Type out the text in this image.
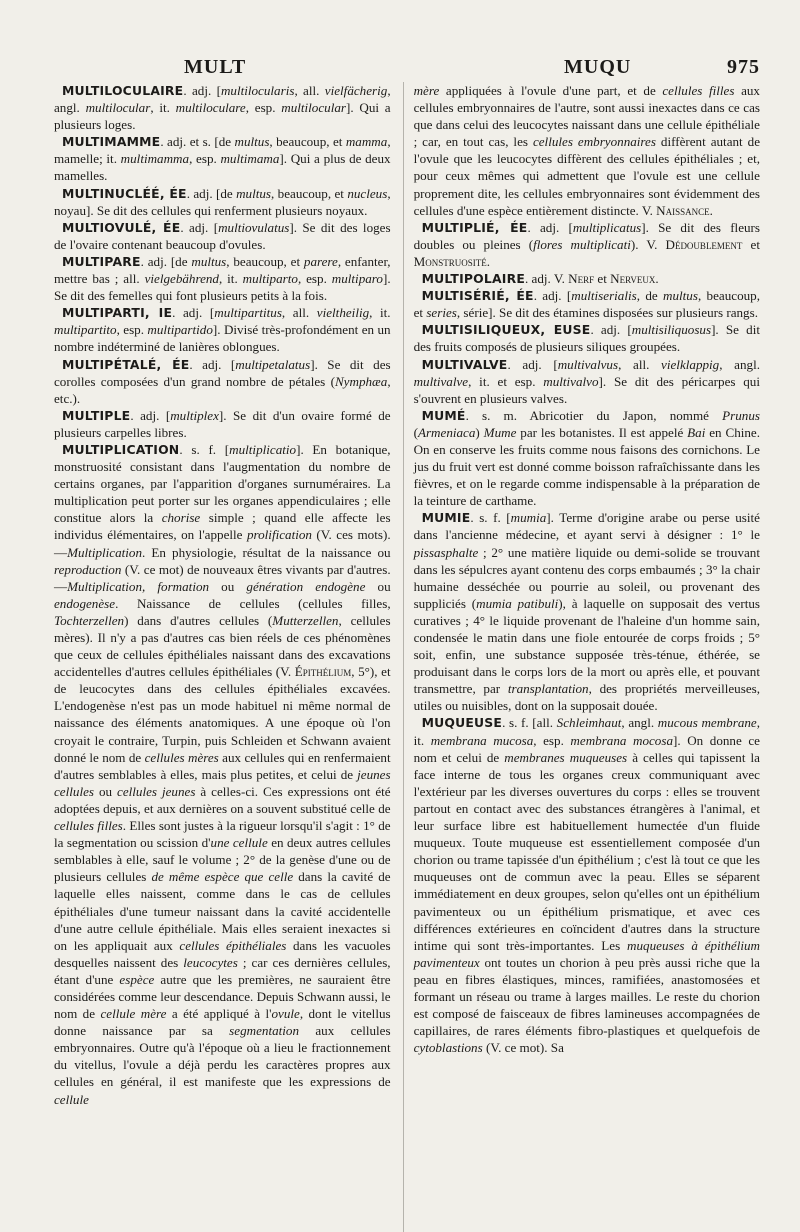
MULT	MUQU	975

MULTILOCULAIRE. adj. [multilocularis, all. vielfächerig, angl. multilocular, it. multiloculare, esp. multilocular]. Qui a plusieurs loges.

MULTIMAMME. adj. et s. [de multus, beaucoup, et mamma, mamelle; it. multimamma, esp. multimama]. Qui a plus de deux mamelles.

MULTINUCLÉÉ, ÉE. adj. [de multus, beaucoup, et nucleus, noyau]. Se dit des cellules qui renferment plusieurs noyaux.

MULTIOVULÉ, ÉE. adj. [multiovulatus]. Se dit des loges de l'ovaire contenant beaucoup d'ovules.

MULTIPARE. adj. [de multus, beaucoup, et parere, enfanter, mettre bas ; all. vielgebährend, it. multiparto, esp. multiparo]. Se dit des femelles qui font plusieurs petits à la fois.

MULTIPARTI, IE. adj. [multipartitus, all. vieltheilig, it. multipartito, esp. multipartido]. Divisé très-profondément en un nombre indéterminé de lanières oblongues.

MULTIPÉTALÉ, ÉE. adj. [multipetalatus]. Se dit des corolles composées d'un grand nombre de pétales (Nymphæa, etc.).

MULTIPLE. adj. [multiplex]. Se dit d'un ovaire formé de plusieurs carpelles libres.

MULTIPLICATION. s. f. [multiplicatio]. En botanique, monstruosité consistant dans l'augmentation du nombre de certains organes, par l'apparition d'organes surnuméraires. La multiplication peut porter sur les organes appendiculaires ; elle constitue alors la chorise simple ; quand elle affecte les individus élémentaires, on l'appelle prolification (V. ces mots).—Multiplication. En physiologie, résultat de la naissance ou reproduction (V. ce mot) de nouveaux êtres vivants par d'autres.—Multiplication, formation ou génération endogène ou endogenèse. Naissance de cellules (cellules filles, Tochterzellen) dans d'autres cellules (Mutterzellen, cellules mères). Il n'y a pas d'autres cas bien réels de ces phénomènes que ceux de cellules épithéliales naissant dans des excavations accidentelles d'autres cellules épithéliales (V. Épithélium, 5°), et de leucocytes dans des cellules épithéliales excavées. L'endogenèse n'est pas un mode habituel ni même normal de naissance des éléments anatomiques. A une époque où l'on croyait le contraire, Turpin, puis Schleiden et Schwann avaient donné le nom de cellules mères aux cellules qui en renfermaient d'autres semblables à elles, mais plus petites, et celui de jeunes cellules ou cellules jeunes à celles-ci. Ces expressions ont été adoptées depuis, et aux dernières on a souvent substitué celle de cellules filles. Elles sont justes à la rigueur lorsqu'il s'agit : 1° de la segmentation ou scission d'une cellule en deux autres cellules semblables à elle, sauf le volume ; 2° de la genèse d'une ou de plusieurs cellules de même espèce que celle dans la cavité de laquelle elles naissent, comme dans le cas de cellules épithéliales d'une tumeur naissant dans la cavité accidentelle d'une autre cellule épithéliale. Mais elles seraient inexactes si on les appliquait aux cellules épithéliales dans les vacuoles desquelles naissent des leucocytes ; car ces dernières cellules, étant d'une espèce autre que les premières, ne sauraient être considérées comme leur descendance. Depuis Schwann aussi, le nom de cellule mère a été appliqué à l'ovule, dont le vitellus donne naissance par sa segmentation aux cellules embryonnaires. Outre qu'à l'époque où a lieu le fractionnement du vitellus, l'ovule a déjà perdu les caractères propres aux cellules en général, il est manifeste que les expressions de cellule

mère appliquées à l'ovule d'une part, et de cellules filles aux cellules embryonnaires de l'autre, sont aussi inexactes dans ce cas que dans celui des leucocytes naissant dans une cellule épithéliale ; car, en tout cas, les cellules embryonnaires diffèrent autant de l'ovule que les leucocytes diffèrent des cellules épithéliales ; et, pour ceux mêmes qui admettent que l'ovule est une cellule proprement dite, les cellules embryonnaires sont évidemment des cellules d'une espèce entièrement distincte. V. Naissance.

MULTIPLIÉ, ÉE. adj. [multiplicatus]. Se dit des fleurs doubles ou pleines (flores multiplicati). V. Dédoublement et Monstruosité.

MULTIPOLAIRE. adj. V. Nerf et Nerveux.

MULTISÉRIÉ, ÉE. adj. [multiserialis, de multus, beaucoup, et series, série]. Se dit des étamines disposées sur plusieurs rangs.

MULTISILIQUEUX, EUSE. adj. [multisiliquosus]. Se dit des fruits composés de plusieurs siliques groupées.

MULTIVALVE. adj. [multivalvus, all. vielklappig, angl. multivalve, it. et esp. multivalvo]. Se dit des péricarpes qui s'ouvrent en plusieurs valves.

MUMÉ. s. m. Abricotier du Japon, nommé Prunus (Armeniaca) Mume par les botanistes. Il est appelé Bai en Chine. On en conserve les fruits comme nous faisons des cornichons. Le jus du fruit vert est donné comme boisson rafraîchissante dans les fièvres, et on le regarde comme indispensable à la préparation de la teinture de carthame.

MUMIE. s. f. [mumia]. Terme d'origine arabe ou perse usité dans l'ancienne médecine, et ayant servi à désigner : 1° le pissasphalte ; 2° une matière liquide ou demi-solide se trouvant dans les sépulcres ayant contenu des corps embaumés ; 3° la chair humaine desséchée ou pourrie au soleil, ou provenant des suppliciés (mumia patibuli), à laquelle on supposait des vertus curatives ; 4° le liquide provenant de l'haleine d'un homme sain, condensée le matin dans une fiole entourée de corps froids ; 5° soit, enfin, une substance supposée très-ténue, éthérée, se produisant dans le corps lors de la mort ou après elle, et pouvant transmettre, par transplantation, des propriétés merveilleuses, utiles ou nuisibles, dont on la supposait douée.

MUQUEUSE. s. f. [all. Schleimhaut, angl. mucous membrane, it. membrana mucosa, esp. membrana mocosa]. On donne ce nom et celui de membranes muqueuses à celles qui tapissent la face interne de tous les organes creux communiquant avec l'extérieur par les diverses ouvertures du corps : elles se trouvent partout en contact avec des substances étrangères à l'animal, et leur surface libre est habituellement humectée d'un fluide muqueux. Toute muqueuse est essentiellement composée d'un chorion ou trame tapissée d'un épithélium ; c'est là tout ce que les muqueuses ont de commun avec la peau. Elles se séparent immédiatement en deux groupes, selon qu'elles ont un épithélium pavimenteux ou un épithélium prismatique, et avec ces différences extérieures en coïncident d'autres dans la structure intime qui sont très-importantes. Les muqueuses à épithélium pavimenteux ont toutes un chorion à peu près aussi riche que la peau en fibres élastiques, minces, ramifiées, anastomosées et formant un réseau ou trame à larges mailles. Le reste du chorion est composé de faisceaux de fibres lamineuses accompagnées de capillaires, de rares éléments fibro-plastiques et quelquefois de cytoblastions (V. ce mot). Sa
